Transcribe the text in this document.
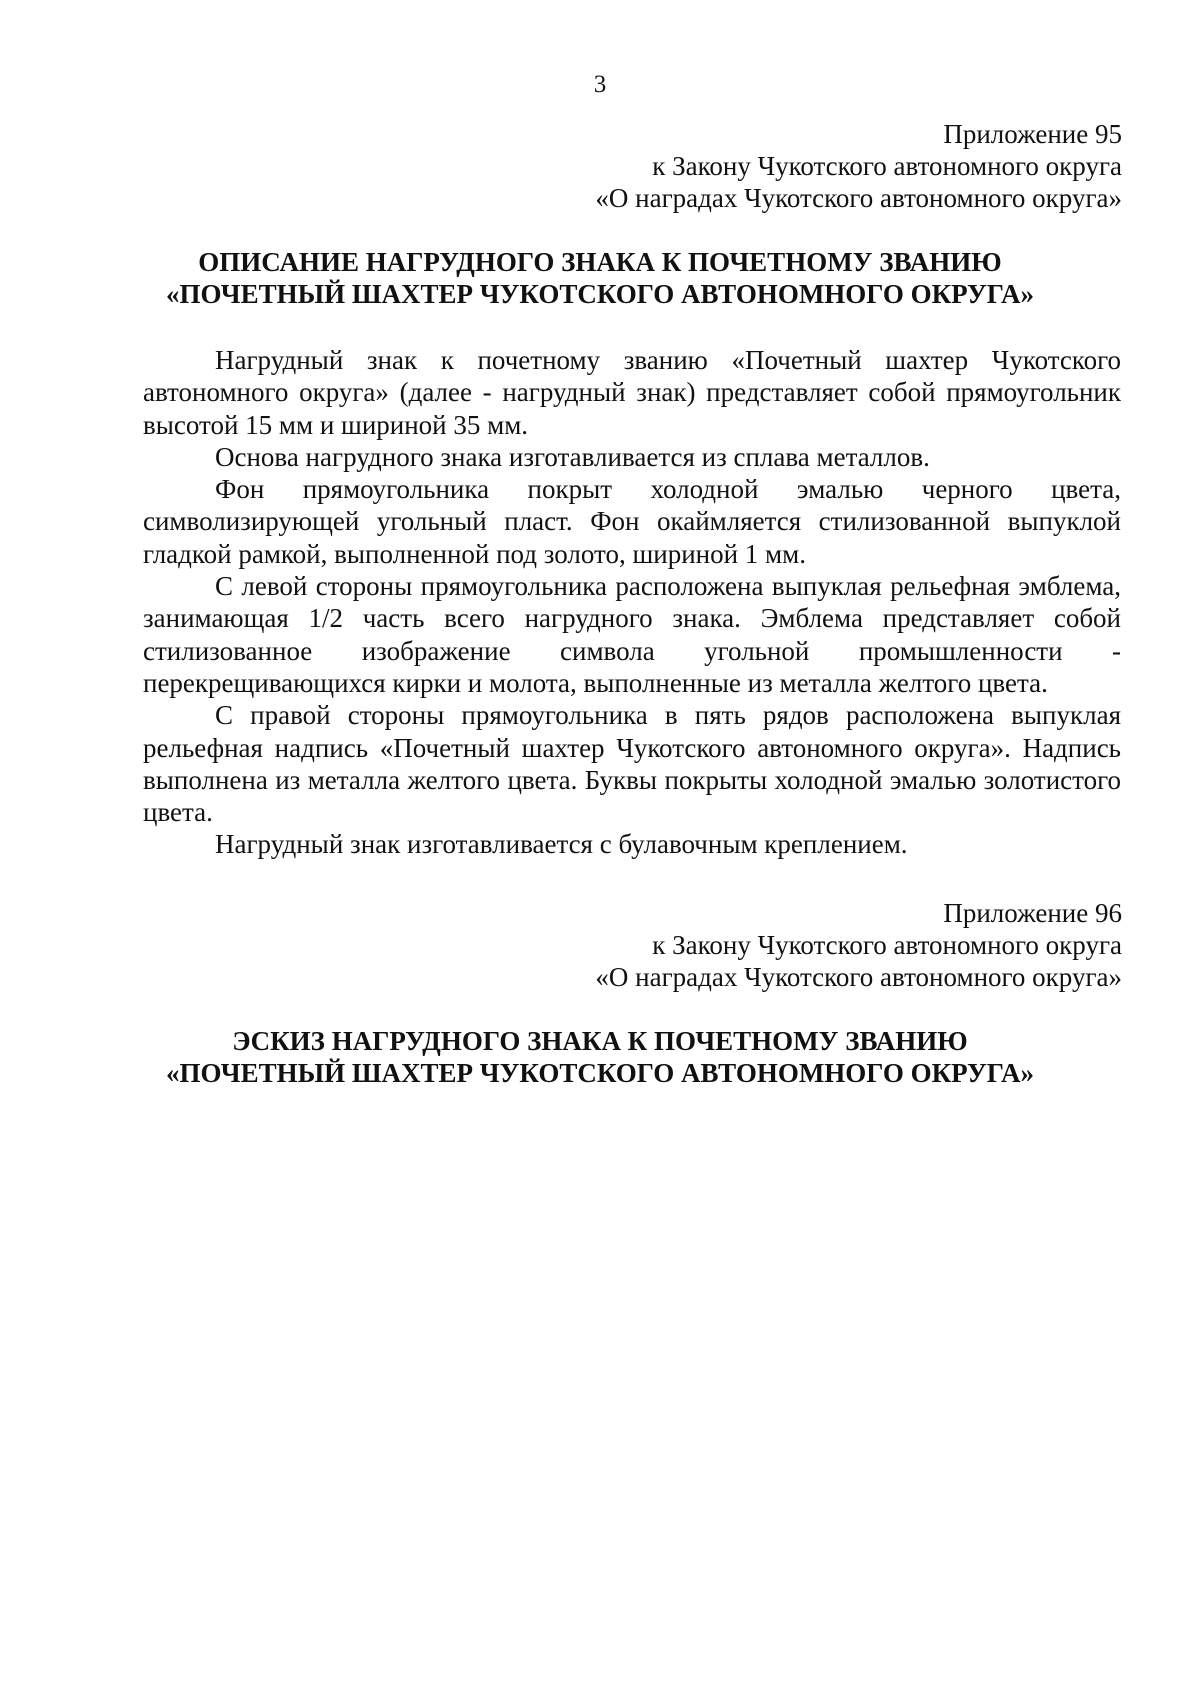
3
Приложение 95
к Закону Чукотского автономного округа
«О наградах Чукотского автономного округа»
ОПИСАНИЕ НАГРУДНОГО ЗНАКА К ПОЧЕТНОМУ ЗВАНИЮ
«ПОЧЕТНЫЙ ШАХТЕР ЧУКОТСКОГО АВТОНОМНОГО ОКРУГА»

Нагрудный знак к почетному званию «Почетный шахтер Чукотского автономного округа» (далее - нагрудный знак) представляет собой прямоугольник высотой 15 мм и шириной 35 мм.

Основа нагрудного знака изготавливается из сплава металлов.

Фон прямоугольника покрыт холодной эмалью черного цвета, символизирующей угольный пласт. Фон окаймляется стилизованной выпуклой гладкой рамкой, выполненной под золото, шириной 1 мм.

С левой стороны прямоугольника расположена выпуклая рельефная эмблема, занимающая 1/2 часть всего нагрудного знака. Эмблема представляет собой стилизованное изображение символа угольной промышленности - перекрещивающихся кирки и молота, выполненные из металла желтого цвета.

С правой стороны прямоугольника в пять рядов расположена выпуклая рельефная надпись «Почетный шахтер Чукотского автономного округа». Надпись выполнена из металла желтого цвета. Буквы покрыты холодной эмалью золотистого цвета.

Нагрудный знак изготавливается с булавочным креплением.

Приложение 96
к Закону Чукотского автономного округа
«О наградах Чукотского автономного округа»
ЭСКИЗ НАГРУДНОГО ЗНАКА К ПОЧЕТНОМУ ЗВАНИЮ
«ПОЧЕТНЫЙ ШАХТЕР ЧУКОТСКОГО АВТОНОМНОГО ОКРУГА»
